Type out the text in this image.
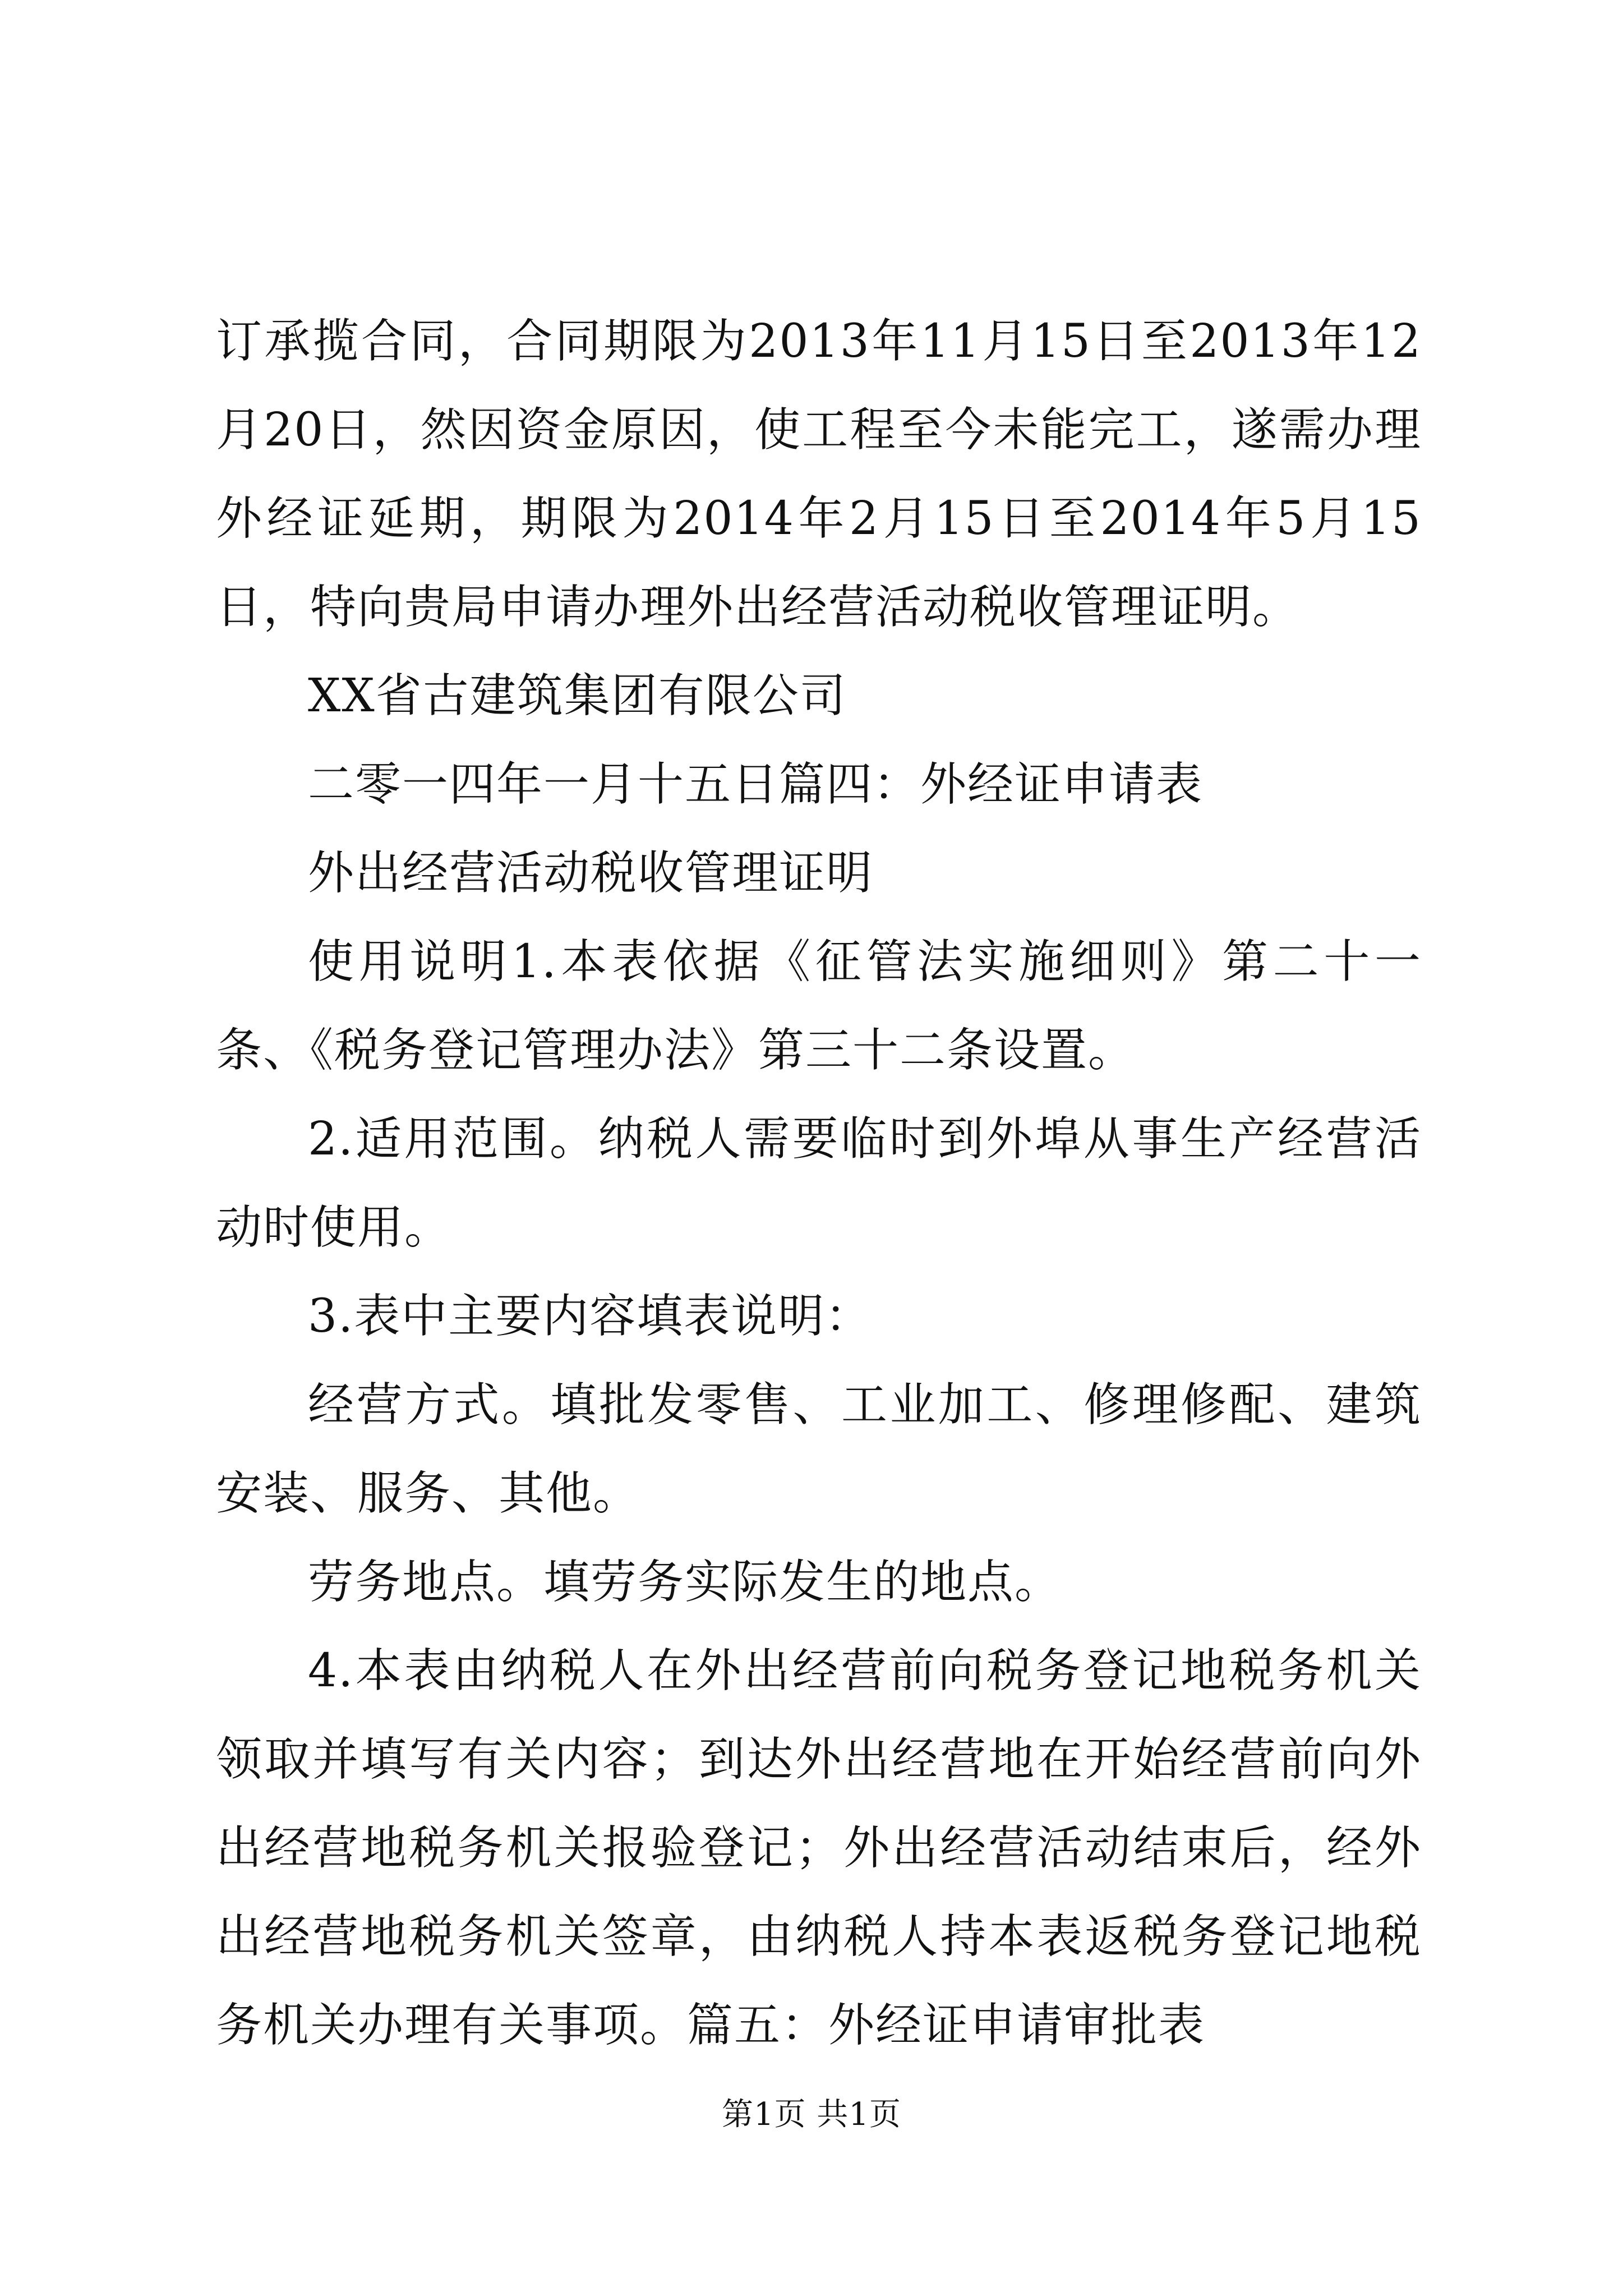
订承揽合同，合同期限为2013年11月15日至2013年12月20日，然因资金原因，使工程至今未能完工，遂需办理外经证延期，期限为2014年2月15日至2014年5月15日，特向贵局申请办理外出经营活动税收管理证明。

XX省古建筑集团有限公司

二零一四年一月十五日篇四：外经证申请表

外出经营活动税收管理证明

使用说明1.本表依据《征管法实施细则》第二十一条、《税务登记管理办法》第三十二条设置。

2.适用范围。纳税人需要临时到外埠从事生产经营活动时使用。

3.表中主要内容填表说明：

经营方式。填批发零售、工业加工、修理修配、建筑安装、服务、其他。

劳务地点。填劳务实际发生的地点。

4.本表由纳税人在外出经营前向税务登记地税务机关领取并填写有关内容；到达外出经营地在开始经营前向外出经营地税务机关报验登记；外出经营活动结束后，经外出经营地税务机关签章，由纳税人持本表返税务登记地税务机关办理有关事项。篇五：外经证申请审批表

第1页 共1页
